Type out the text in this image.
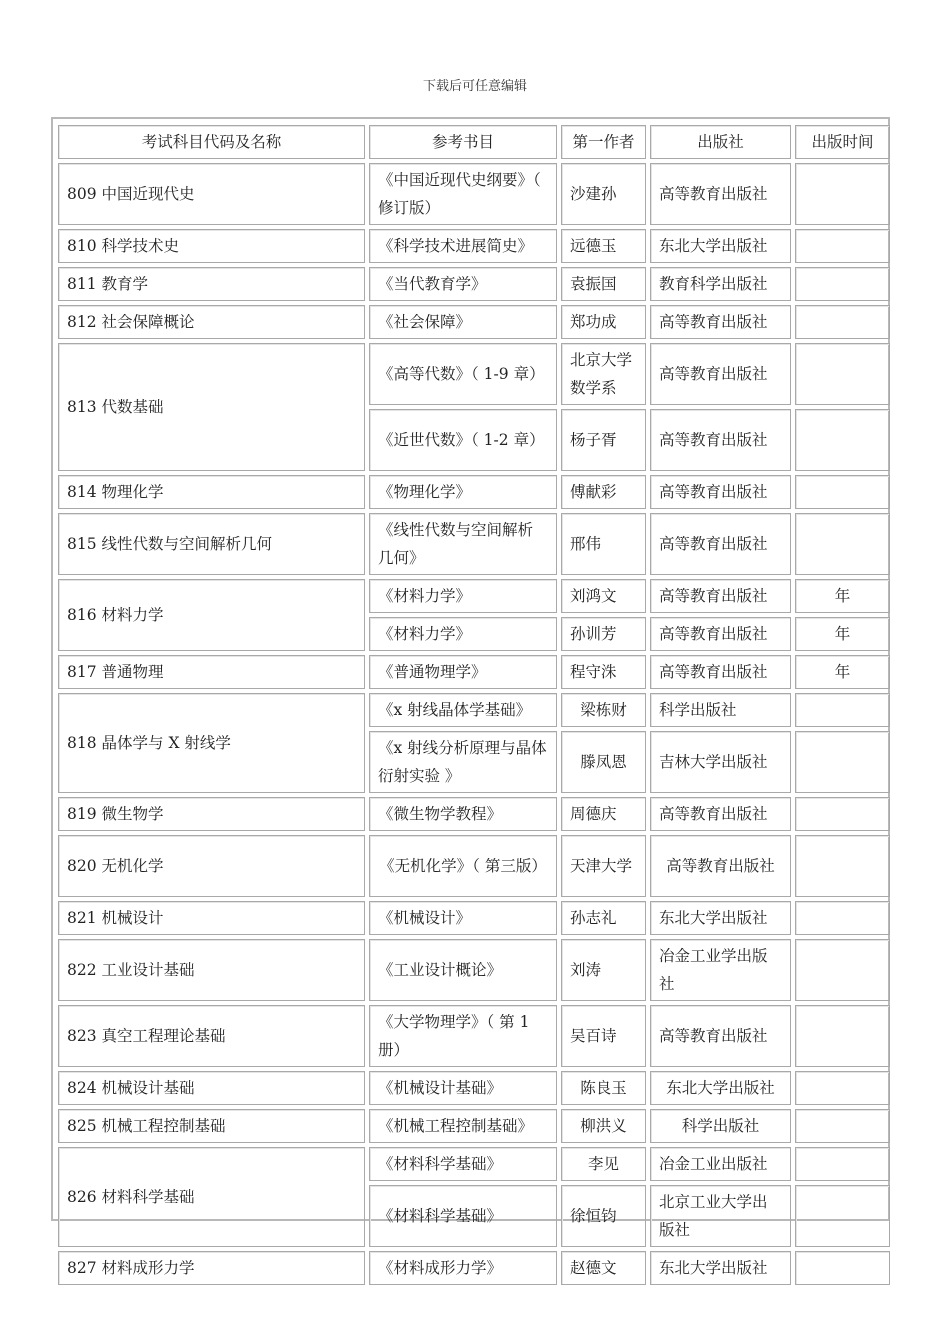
下载后可任意编辑
考试科目代码及名称	参考书目	第一作者	出版社	出版时间
809 中国近现代史	《中国近现代史纲要》（　修订版）	沙建孙	高等教育出版社	
810 科学技术史	《科学技术进展简史》	远德玉	东北大学出版社	
811 教育学	《当代教育学》	袁振国	教育科学出版社	
812 社会保障概论	《社会保障》	郑功成	高等教育出版社	
813 代数基础	《高等代数》（ 1-9 章）	北京大学数学系	高等教育出版社	
	《近世代数》（ 1-2 章）	杨子胥	高等教育出版社	
814 物理化学	《物理化学》	傅献彩	高等教育出版社	
815 线性代数与空间解析几何	《线性代数与空间解析几何》	邢伟	高等教育出版社	
816 材料力学	《材料力学》	刘鸿文	高等教育出版社	年
	《材料力学》	孙训芳	高等教育出版社	年
817 普通物理	《普通物理学》	程守洙	高等教育出版社	年
818 晶体学与 X 射线学	《x 射线晶体学基础》	梁栋财	科学出版社	
	《x 射线分析原理与晶体衍射实验 》	滕凤恩	吉林大学出版社	
819 微生物学	《微生物学教程》	周德庆	高等教育出版社	
820 无机化学	《无机化学》（ 第三版）	天津大学	高等教育出版社	
821 机械设计	《机械设计》	孙志礼	东北大学出版社	
822 工业设计基础	《工业设计概论》	刘涛	冶金工业学出版社	
823 真空工程理论基础	《大学物理学》（ 第 1 册）	吴百诗	高等教育出版社	
824 机械设计基础	《机械设计基础》	陈良玉	东北大学出版社	
825 机械工程控制基础	《机械工程控制基础》	柳洪义	科学出版社	
826 材料科学基础	《材料科学基础》	李见	冶金工业出版社	
	《材料科学基础》	徐恒钧	北京工业大学出版社	
827 材料成形力学	《材料成形力学》	赵德文	东北大学出版社	
